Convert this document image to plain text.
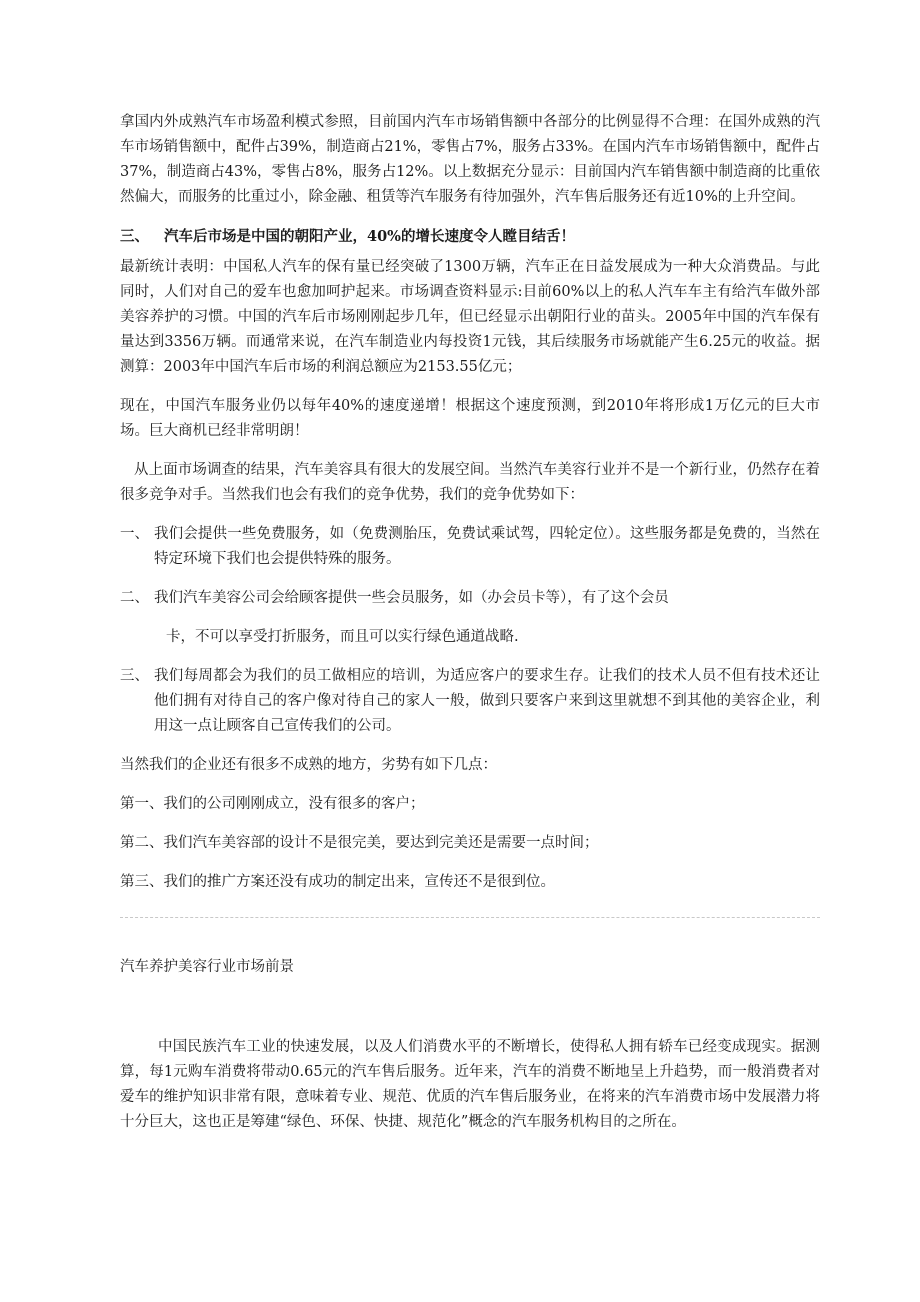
拿国内外成熟汽车市场盈利模式参照，目前国内汽车市场销售额中各部分的比例显得不合理：在国外成熟的汽车市场销售额中，配件占39%，制造商占21%，零售占7%，服务占33%。在国内汽车市场销售额中，配件占37%，制造商占43%，零售占8%，服务占12%。以上数据充分显示：目前国内汽车销售额中制造商的比重依然偏大，而服务的比重过小，除金融、租赁等汽车服务有待加强外，汽车售后服务还有近10%的上升空间。

三、 汽车后市场是中国的朝阳产业，40%的增长速度令人瞠目结舌！

最新统计表明：中国私人汽车的保有量已经突破了1300万辆，汽车正在日益发展成为一种大众消费品。与此同时，人们对自己的爱车也愈加呵护起来。市场调查资料显示:目前60%以上的私人汽车车主有给汽车做外部美容养护的习惯。中国的汽车后市场刚刚起步几年，但已经显示出朝阳行业的苗头。2005年中国的汽车保有量达到3356万辆。而通常来说，在汽车制造业内每投资1元钱，其后续服务市场就能产生6.25元的收益。据测算：2003年中国汽车后市场的利润总额应为2153.55亿元；

现在，中国汽车服务业仍以每年40%的速度递增！根据这个速度预测，到2010年将形成1万亿元的巨大市场。巨大商机已经非常明朗！

从上面市场调查的结果，汽车美容具有很大的发展空间。当然汽车美容行业并不是一个新行业，仍然存在着很多竞争对手。当然我们也会有我们的竞争优势，我们的竞争优势如下：

一、 我们会提供一些免费服务，如（免费测胎压，免费试乘试驾，四轮定位）。这些服务都是免费的，当然在特定环境下我们也会提供特殊的服务。
二、 我们汽车美容公司会给顾客提供一些会员服务，如（办会员卡等），有了这个会员

卡，不可以享受打折服务，而且可以实行绿色通道战略.

三、 我们每周都会为我们的员工做相应的培训，为适应客户的要求生存。让我们的技术人员不但有技术还让他们拥有对待自己的客户像对待自己的家人一般，做到只要客户来到这里就想不到其他的美容企业，利用这一点让顾客自己宣传我们的公司。

当然我们的企业还有很多不成熟的地方，劣势有如下几点：

第一、我们的公司刚刚成立，没有很多的客户；

第二、我们汽车美容部的设计不是很完美，要达到完美还是需要一点时间；

第三、我们的推广方案还没有成功的制定出来，宣传还不是很到位。

汽车养护美容行业市场前景

中国民族汽车工业的快速发展，以及人们消费水平的不断增长，使得私人拥有轿车已经变成现实。据测算，每1元购车消费将带动0.65元的汽车售后服务。近年来，汽车的消费不断地呈上升趋势，而一般消费者对爱车的维护知识非常有限，意味着专业、规范、优质的汽车售后服务业，在将来的汽车消费市场中发展潜力将十分巨大，这也正是筹建“绿色、环保、快捷、规范化”概念的汽车服务机构目的之所在。
